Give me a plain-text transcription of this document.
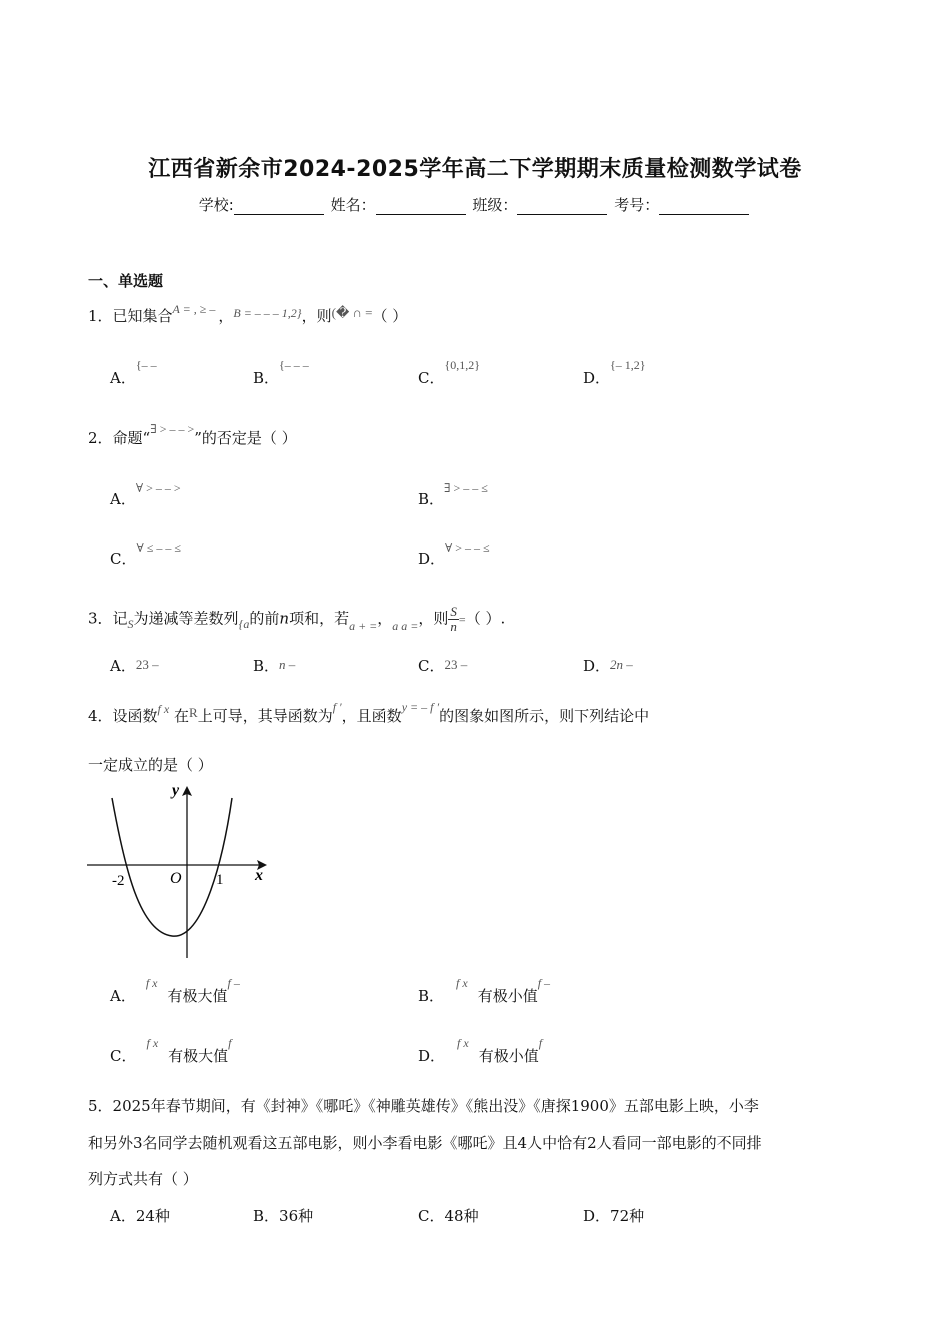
江西省新余市2024-2025学年高二下学期期末质量检测数学试卷
学校:	姓名：	班级：	考号：
一、单选题
1．已知集合$^{A = , \ge -}$ ，$^{B = - - - 1,2\}}$，则(� ∩ =（ ）
A．{– –
B．{– – –
C．$^{\{0,1,2\}}$
D．$^{\{- 1,2\}}$
2．命题“∃ > – – >”的否定是（ ）
A．∀ > – – >
B．∃ > – – ≤
C．∀ ≤ – – ≤
D．∀ > – – ≤
3．记$_S$为递减等差数列$_{\{a}$的前n项和，若$_{a + =}$，$_{a a =}$，则 $\frac{S}{n}$ =（ ）.
A．23 –	B．n –	C．23 –	D．2n –
4．设函数$^{f x}$ 在R上可导，其导函数为$^{f '}$，且函数$^{y = - f '}$的图象如图所示，则下列结论中
一定成立的是（ ）
y
x
O
-2	1
A．$^{f x}$有极大值$^{f -}$
B．$^{f x}$有极小值$^{f -}$
C．$^{f x}$有极大值$^f$
D．$^{f x}$有极小值$^f$
5．2025年春节期间，有《封神》《哪吒》《神雕英雄传》《熊出没》《唐探1900》五部电影上映，小李
和另外3名同学去随机观看这五部电影，则小李看电影《哪吒》且4人中恰有2人看同一部电影的不同排
列方式共有（ ）
A．24种	B．36种	C．48种	D．72种
